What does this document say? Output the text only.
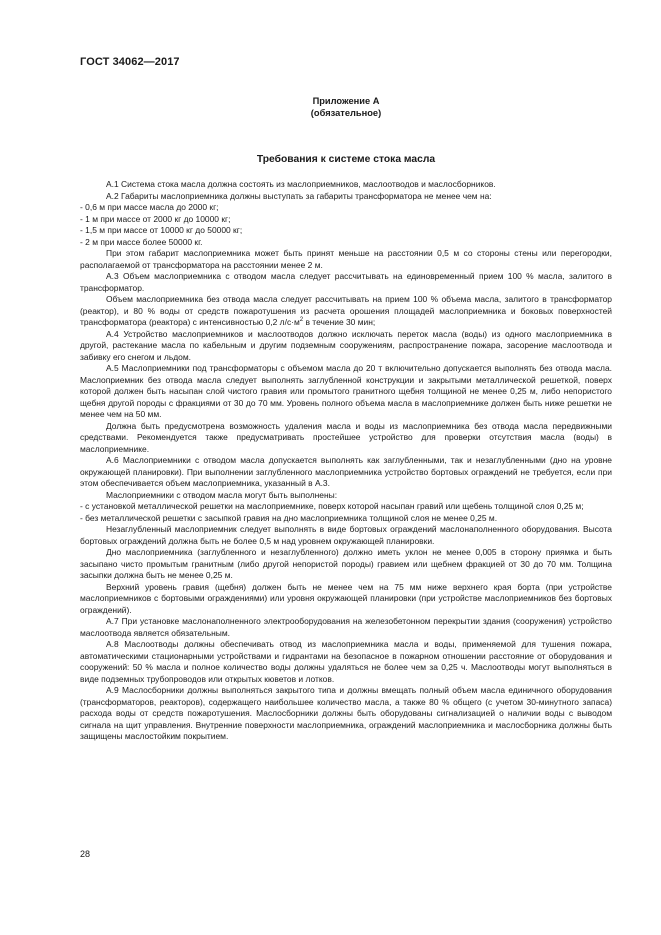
ГОСТ 34062—2017
Приложение А
(обязательное)
Требования к системе стока масла

А.1 Система стока масла должна состоять из маслоприемников, маслоотводов и маслосборников.

А.2 Габариты маслоприемника должны выступать за габариты трансформатора не менее чем на:

- 0,6 м при массе масла до 2000 кг;

- 1 м при массе от 2000 кг до 10000 кг;

- 1,5 м при массе от 10000 кг до 50000 кг;

- 2 м при массе более 50000 кг.

При этом габарит маслоприемника может быть принят меньше на расстоянии 0,5 м со стороны стены или перегородки, располагаемой от трансформатора на расстоянии менее 2 м.

А.3 Объем маслоприемника с отводом масла следует рассчитывать на единовременный прием 100 % масла, залитого в трансформатор.

Объем маслоприемника без отвода масла следует рассчитывать на прием 100 % объема масла, залитого в трансформатор (реактор), и 80 % воды от средств пожаротушения из расчета орошения площадей маслоприемника и боковых поверхностей трансформатора (реактора) с интенсивностью 0,2 $л/с\cdot м^2$ в течение 30 мин;

А.4 Устройство маслоприемников и маслоотводов должно исключать переток масла (воды) из одного маслоприемника в другой, растекание масла по кабельным и другим подземным сооружениям, распространение пожара, засорение маслоотвода и забивку его снегом и льдом.

А.5 Маслоприемники под трансформаторы с объемом масла до 20 т включительно допускается выполнять без отвода масла. Маслоприемник без отвода масла следует выполнять заглубленной конструкции и закрытыми металлической решеткой, поверх которой должен быть насыпан слой чистого гравия или промытого гранитного щебня толщиной не менее 0,25 м, либо непористого щебня другой породы с фракциями от 30 до 70 мм. Уровень полного объема масла в маслоприемнике должен быть ниже решетки не менее чем на 50 мм.

Должна быть предусмотрена возможность удаления масла и воды из маслоприемника без отвода масла передвижными средствами. Рекомендуется также предусматривать простейшее устройство для проверки отсутствия масла (воды) в маслоприемнике.

А.6 Маслоприемники с отводом масла допускается выполнять как заглубленными, так и незаглубленными (дно на уровне окружающей планировки). При выполнении заглубленного маслоприемника устройство бортовых ограждений не требуется, если при этом обеспечивается объем маслоприемника, указанный в А.3.

Маслоприемники с отводом масла могут быть выполнены:

- с установкой металлической решетки на маслоприемнике, поверх которой насыпан гравий или щебень толщиной слоя 0,25 м;

- без металлической решетки с засыпкой гравия на дно маслоприемника толщиной слоя не менее 0,25 м.

Незаглубленный маслоприемник следует выполнять в виде бортовых ограждений маслонаполненного оборудования. Высота бортовых ограждений должна быть не более 0,5 м над уровнем окружающей планировки.

Дно маслоприемника (заглубленного и незаглубленного) должно иметь уклон не менее 0,005 в сторону приямка и быть засыпано чисто промытым гранитным (либо другой непористой породы) гравием или щебнем фракцией от 30 до 70 мм. Толщина засыпки должна быть не менее 0,25 м.

Верхний уровень гравия (щебня) должен быть не менее чем на 75 мм ниже верхнего края борта (при устройстве маслоприемников с бортовыми ограждениями) или уровня окружающей планировки (при устройстве маслоприемников без бортовых ограждений).

А.7 При установке маслонаполненного электрооборудования на железобетонном перекрытии здания (сооружения) устройство маслоотвода является обязательным.

А.8 Маслоотводы должны обеспечивать отвод из маслоприемника масла и воды, применяемой для тушения пожара, автоматическими стационарными устройствами и гидрантами на безопасное в пожарном отношении расстояние от оборудования и сооружений: 50 % масла и полное количество воды должны удаляться не более чем за 0,25 ч. Маслоотводы могут выполняться в виде подземных трубопроводов или открытых кюветов и лотков.

А.9 Маслосборники должны выполняться закрытого типа и должны вмещать полный объем масла единичного оборудования (трансформаторов, реакторов), содержащего наибольшее количество масла, а также 80 % общего (с учетом 30-минутного запаса) расхода воды от средств пожаротушения. Маслосборники должны быть оборудованы сигнализацией о наличии воды с выводом сигнала на щит управления. Внутренние поверхности маслоприемника, ограждений маслоприемника и маслосборника должны быть защищены маслостойким покрытием.

28
